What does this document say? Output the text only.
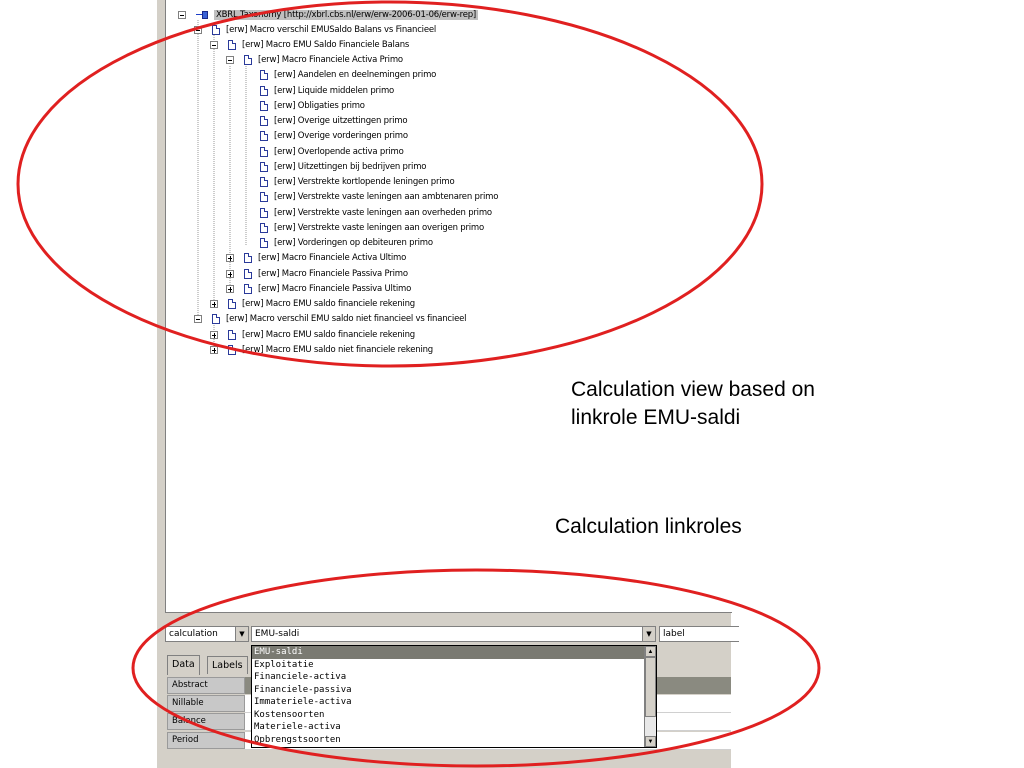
XBRL Taxonomy [http://xbrl.cbs.nl/erw/erw-2006-01-06/erw-rep]
[erw] Macro verschil EMUSaldo Balans vs Financieel
[erw] Macro EMU Saldo Financiele Balans
[erw] Macro Financiele Activa Primo
[erw] Aandelen en deelnemingen primo
[erw] Liquide middelen primo
[erw] Obligaties primo
[erw] Overige uitzettingen primo
[erw] Overige vorderingen primo
[erw] Overlopende activa primo
[erw] Uitzettingen bij bedrijven primo
[erw] Verstrekte kortlopende leningen primo
[erw] Verstrekte vaste leningen aan ambtenaren primo
[erw] Verstrekte vaste leningen aan overheden primo
[erw] Verstrekte vaste leningen aan overigen primo
[erw] Vorderingen op debiteuren primo
[erw] Macro Financiele Activa Ultimo
[erw] Macro Financiele Passiva Primo
[erw] Macro Financiele Passiva Ultimo
[erw] Macro EMU saldo financiele rekening
[erw] Macro verschil EMU saldo niet financieel vs financieel
[erw] Macro EMU saldo financiele rekening
[erw] Macro EMU saldo niet financiele rekening
calculation	▼	EMU-saldi	▼	label
Data	Labels
Abstract
Nillable
Balance
Period
EMU-saldi
Exploitatie
Financiele-activa
Financiele-passiva
Immateriele-activa
Kostensoorten
Materiele-activa
Opbrengstsoorten
▲
▼
Calculation view based on
linkrole EMU-saldi
Calculation linkroles
